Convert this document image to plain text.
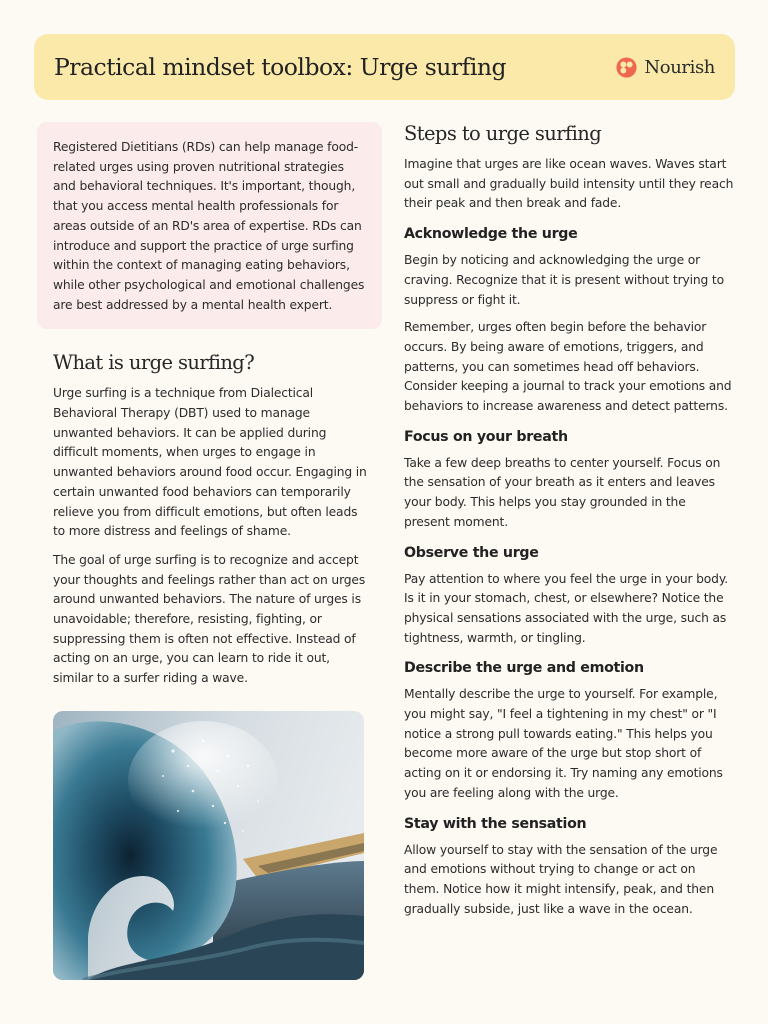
Practical mindset toolbox: Urge surfing	Nourish

Registered Dietitians (RDs) can help manage food-related urges using proven nutritional strategies and behavioral techniques. It's important, though, that you access mental health professionals for areas outside of an RD's area of expertise. RDs can introduce and support the practice of urge surfing within the context of managing eating behaviors, while other psychological and emotional challenges are best addressed by a mental health expert.

What is urge surfing?

Urge surfing is a technique from Dialectical Behavioral Therapy (DBT) used to manage unwanted behaviors. It can be applied during difficult moments, when urges to engage in unwanted behaviors around food occur. Engaging in certain unwanted food behaviors can temporarily relieve you from difficult emotions, but often leads to more distress and feelings of shame.

The goal of urge surfing is to recognize and accept your thoughts and feelings rather than act on urges around unwanted behaviors. The nature of urges is unavoidable; therefore, resisting, fighting, or suppressing them is often not effective. Instead of acting on an urge, you can learn to ride it out, similar to a surfer riding a wave.

Steps to urge surfing

Imagine that urges are like ocean waves. Waves start out small and gradually build intensity until they reach their peak and then break and fade.

Acknowledge the urge

Begin by noticing and acknowledging the urge or craving. Recognize that it is present without trying to suppress or fight it.

Remember, urges often begin before the behavior occurs. By being aware of emotions, triggers, and patterns, you can sometimes head off behaviors. Consider keeping a journal to track your emotions and behaviors to increase awareness and detect patterns.

Focus on your breath

Take a few deep breaths to center yourself. Focus on the sensation of your breath as it enters and leaves your body. This helps you stay grounded in the present moment.

Observe the urge

Pay attention to where you feel the urge in your body. Is it in your stomach, chest, or elsewhere? Notice the physical sensations associated with the urge, such as tightness, warmth, or tingling.

Describe the urge and emotion

Mentally describe the urge to yourself. For example, you might say, "I feel a tightening in my chest" or "I notice a strong pull towards eating." This helps you become more aware of the urge but stop short of acting on it or endorsing it. Try naming any emotions you are feeling along with the urge.

Stay with the sensation

Allow yourself to stay with the sensation of the urge and emotions without trying to change or act on them. Notice how it might intensify, peak, and then gradually subside, just like a wave in the ocean.
